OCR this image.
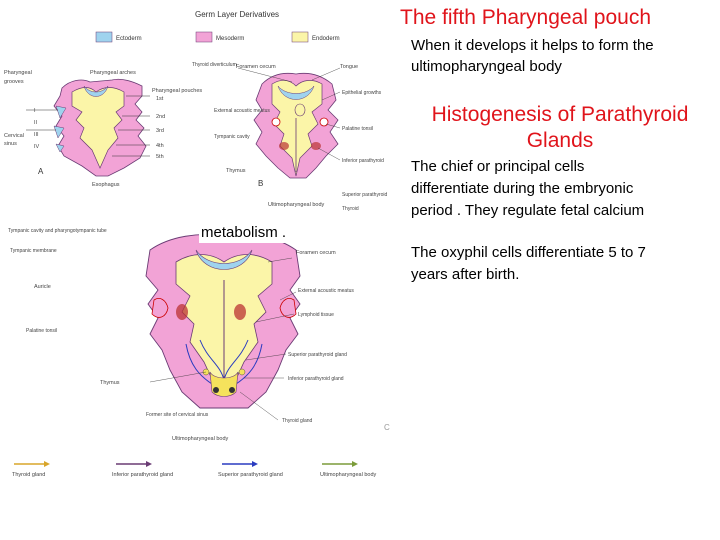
Germ Layer Derivatives
Ectoderm	Mesoderm	Endoderm
A
Pharyngeal
grooves
Cervical
sinus
Esophagus
Pharyngeal pouches
1st
2nd
3rd
4th
5th
Pharyngeal arches
I
II
III
IV
B
Foramen cecum	Tongue
Thyroid diverticulum
Epithelial growths
Palatine tonsil
External acoustic meatus
Tympanic cavity
Thymus
Inferior parathyroid
Superior parathyroid
Ultimopharyngeal body
Thyroid
C
Tympanic cavity and pharyngotympanic tube
Tympanic membrane
Auricle
Foramen cecum
External acoustic meatus
Lymphoid tissue
Palatine tonsil
Superior parathyroid gland
Inferior parathyroid gland
Thyroid gland
Thymus
Former site of cervical sinus
Ultimopharyngeal body
Thyroid gland	Inferior parathyroid gland	Superior parathyroid gland	Ultimopharyngeal body
The fifth Pharyngeal pouch
When it develops it helps to form the
ultimopharyngeal body
Histogenesis of Parathyroid
Glands
The chief or principal cells
differentiate during the embryonic
period . They regulate fetal calcium
metabolism .
The oxyphil cells differentiate 5 to 7
years after birth.
